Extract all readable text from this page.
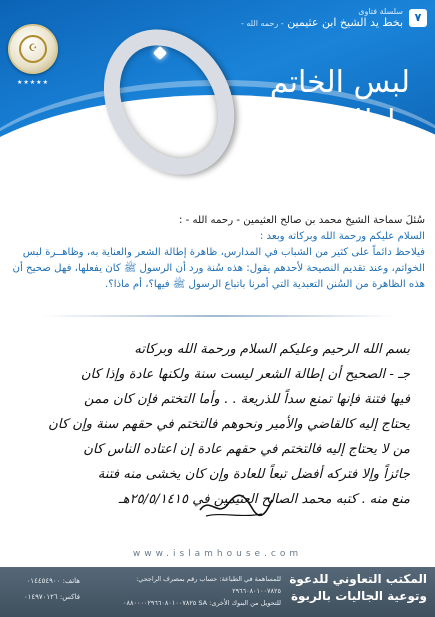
☪
★★★★★
سلسلة فتاوى
بخط يد الشيخ ابن عثيمين - رحمه الله -	٧
لبس الخاتم
وإطالة الشعر
سُئلَ سماحة الشيخ محمد بن صالح العثيمين - رحمه الله - :
السلام عليكم ورحمة الله وبركاته وبعد :
فيلاحظ دائماً على كثير من الشباب في المدارس، ظاهرة إطالة الشعر والعناية به، وظاهــرة لبس الخواتم، وعند تقديم النصيحة لأحدهم يقول: هذه سُنة ورد أن الرسول ﷺ كان يفعلها، فهل صحيح أن هذه الظاهرة من السُنن التعبدية التي أمرنا باتباع الرسول ﷺ فيها؟، أم ماذا؟.
بسم الله الرحيم وعليكم السلام ورحمة الله وبركاته
جـ - الصحيح أن إطالة الشعر ليست سنة ولكنها عادة وإذا كان
فيها فتنة فإنها تمنع سداً للذريعة . . وأما التختم فإن كان ممن
يحتاج إليه كالقاضي والأمير ونحوهم فالتختم في حقهم سنة وإن كان
من لا يحتاج إليه فالتختم في حقهم عادة إن اعتاده الناس كان
جائزاً وإلا فتركه أفضل تبعاً للعادة وإن كان يخشى منه فتنة
منع منه . كتبه محمد الصالح العثيمين في ٢٥/٥/١٤١٥هـ
www.islamhouse.com
المكتب التعاوني للدعوة
وتوعية الجاليات بالربوة
للمساهمة في الطباعة: حساب رقم بمصرف الراجحي: ٢٩٦٦٠٨٠١٠٠٧٨٢٥
للتحويل من البنوك الأخرى: SA ٠٨٨٠٠٠٠٢٩٦٦٠٨٠١٠٠٧٨٢٥
هاتف: ٠١٤٤٥٤٩٠٠
فاكس: ٠١٤٩٧٠١٢٦
